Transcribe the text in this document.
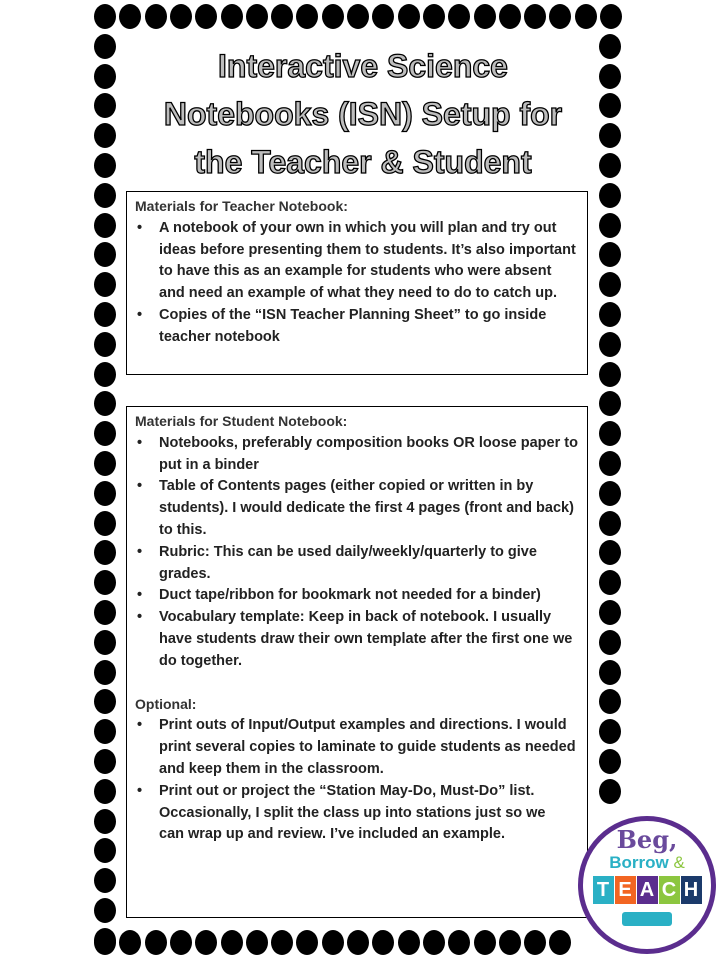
Interactive Science
Notebooks (ISN) Setup for
the Teacher & Student
Materials for Teacher Notebook:
• A notebook of your own in which you will plan and try out ideas before presenting them to students. It’s also important to have this as an example for students who were absent and need an example of what they need to do to catch up.
• Copies of the “ISN Teacher Planning Sheet” to go inside teacher notebook
Materials for Student Notebook:
• Notebooks, preferably composition books OR loose paper to put in a binder
• Table of Contents pages (either copied or written in by students). I would dedicate the first 4 pages (front and back) to this.
• Rubric: This can be used daily/weekly/quarterly to give grades.
• Duct tape/ribbon for bookmark not needed for a binder)
• Vocabulary template: Keep in back of notebook. I usually have students draw their own template after the first one we do together.
Optional:
• Print outs of Input/Output examples and directions. I would print several copies to laminate to guide students as needed and keep them in the classroom.
• Print out or project the “Station May-Do, Must-Do” list. Occasionally, I split the class up into stations just so we can wrap up and review. I’ve included an example.	Beg,
Borrow &
T E A C H
